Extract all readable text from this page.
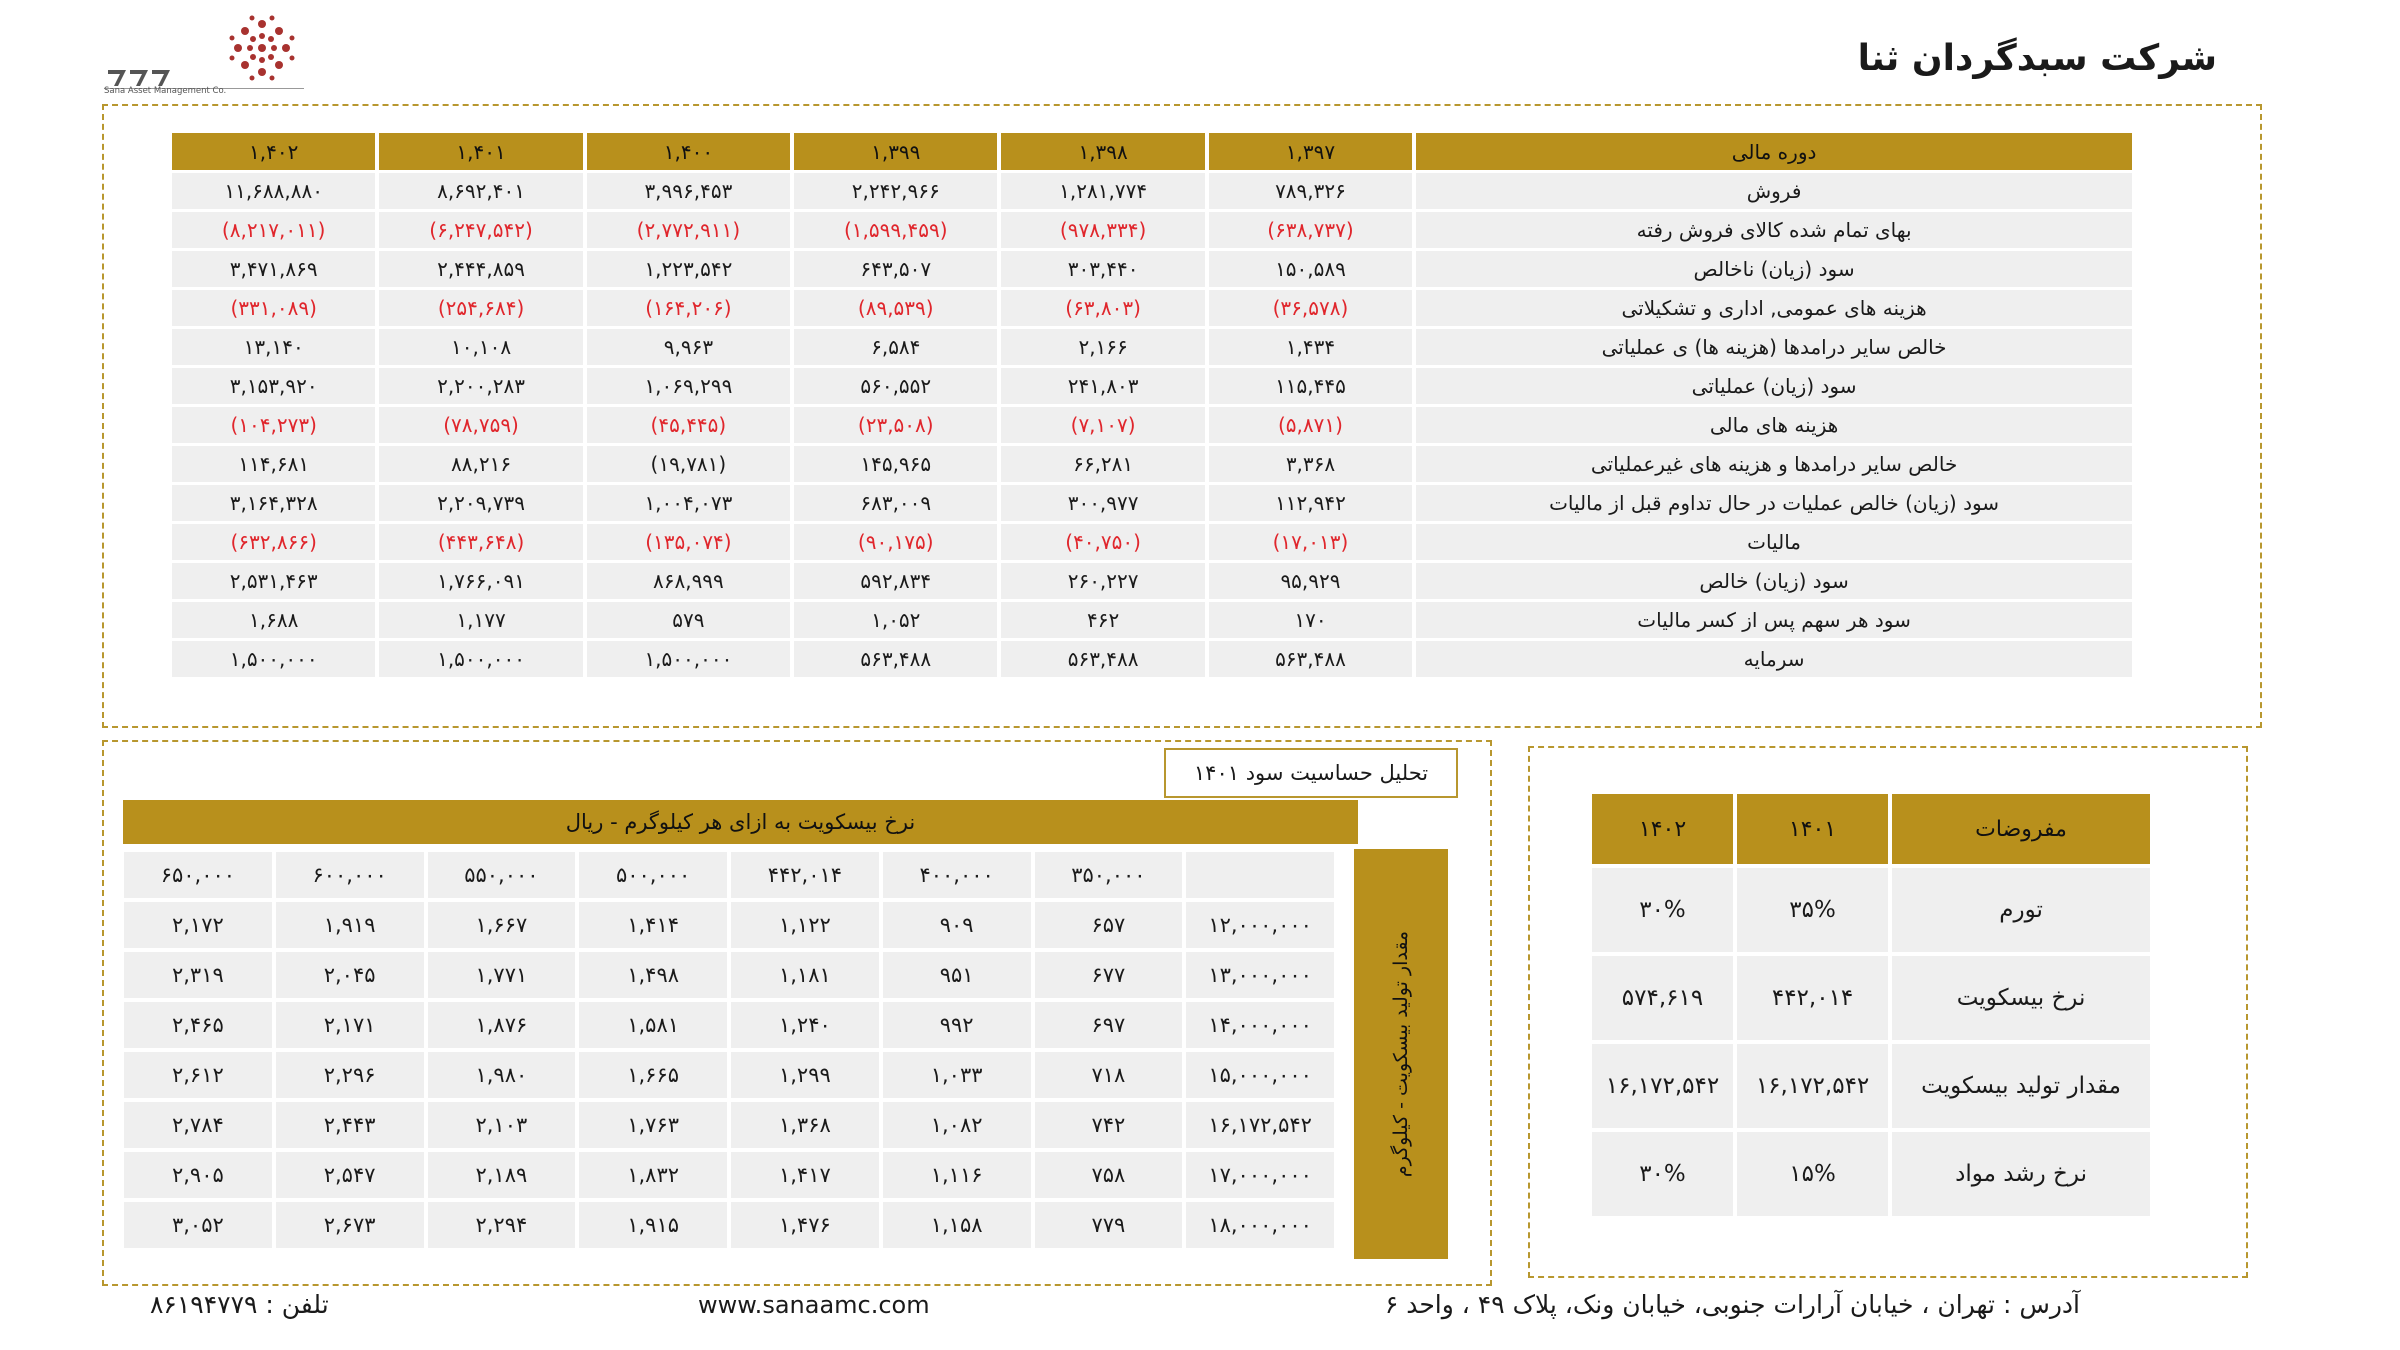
شرکت سبدگردان ثنا
Sana Asset Management Co.
۱,۴۰۲	۱,۴۰۱	۱,۴۰۰	۱,۳۹۹	۱,۳۹۸	۱,۳۹۷	دوره مالی
۱۱,۶۸۸,۸۸۰	۸,۶۹۲,۴۰۱	۳,۹۹۶,۴۵۳	۲,۲۴۲,۹۶۶	۱,۲۸۱,۷۷۴	۷۸۹,۳۲۶	فروش
(۸,۲۱۷,۰۱۱)	(۶,۲۴۷,۵۴۲)	(۲,۷۷۲,۹۱۱)	(۱,۵۹۹,۴۵۹)	(۹۷۸,۳۳۴)	(۶۳۸,۷۳۷)	بهای تمام شده کالای فروش رفته
۳,۴۷۱,۸۶۹	۲,۴۴۴,۸۵۹	۱,۲۲۳,۵۴۲	۶۴۳,۵۰۷	۳۰۳,۴۴۰	۱۵۰,۵۸۹	سود (زیان) ناخالص
(۳۳۱,۰۸۹)	(۲۵۴,۶۸۴)	(۱۶۴,۲۰۶)	(۸۹,۵۳۹)	(۶۳,۸۰۳)	(۳۶,۵۷۸)	هزینه های عمومی, اداری و تشکیلاتی
۱۳,۱۴۰	۱۰,۱۰۸	۹,۹۶۳	۶,۵۸۴	۲,۱۶۶	۱,۴۳۴	خالص سایر درامدها (هزینه ها) ی عملیاتی
۳,۱۵۳,۹۲۰	۲,۲۰۰,۲۸۳	۱,۰۶۹,۲۹۹	۵۶۰,۵۵۲	۲۴۱,۸۰۳	۱۱۵,۴۴۵	سود (زیان) عملیاتی
(۱۰۴,۲۷۳)	(۷۸,۷۵۹)	(۴۵,۴۴۵)	(۲۳,۵۰۸)	(۷,۱۰۷)	(۵,۸۷۱)	هزینه های مالی
۱۱۴,۶۸۱	۸۸,۲۱۶	(۱۹,۷۸۱)	۱۴۵,۹۶۵	۶۶,۲۸۱	۳,۳۶۸	خالص سایر درامدها و هزینه های غیرعملیاتی
۳,۱۶۴,۳۲۸	۲,۲۰۹,۷۳۹	۱,۰۰۴,۰۷۳	۶۸۳,۰۰۹	۳۰۰,۹۷۷	۱۱۲,۹۴۲	سود (زیان) خالص عملیات در حال تداوم قبل از مالیات
(۶۳۲,۸۶۶)	(۴۴۳,۶۴۸)	(۱۳۵,۰۷۴)	(۹۰,۱۷۵)	(۴۰,۷۵۰)	(۱۷,۰۱۳)	مالیات
۲,۵۳۱,۴۶۳	۱,۷۶۶,۰۹۱	۸۶۸,۹۹۹	۵۹۲,۸۳۴	۲۶۰,۲۲۷	۹۵,۹۲۹	سود (زیان) خالص
۱,۶۸۸	۱,۱۷۷	۵۷۹	۱,۰۵۲	۴۶۲	۱۷۰	سود هر سهم پس از کسر مالیات
۱,۵۰۰,۰۰۰	۱,۵۰۰,۰۰۰	۱,۵۰۰,۰۰۰	۵۶۳,۴۸۸	۵۶۳,۴۸۸	۵۶۳,۴۸۸	سرمایه
تحلیل حساسیت سود ۱۴۰۱
نرخ بیسکویت به ازای هر کیلوگرم - ریال
مقدار تولید بیسکویت - کیلوگرم
۶۵۰,۰۰۰	۶۰۰,۰۰۰	۵۵۰,۰۰۰	۵۰۰,۰۰۰	۴۴۲,۰۱۴	۴۰۰,۰۰۰	۳۵۰,۰۰۰	
۲,۱۷۲	۱,۹۱۹	۱,۶۶۷	۱,۴۱۴	۱,۱۲۲	۹۰۹	۶۵۷	۱۲,۰۰۰,۰۰۰
۲,۳۱۹	۲,۰۴۵	۱,۷۷۱	۱,۴۹۸	۱,۱۸۱	۹۵۱	۶۷۷	۱۳,۰۰۰,۰۰۰
۲,۴۶۵	۲,۱۷۱	۱,۸۷۶	۱,۵۸۱	۱,۲۴۰	۹۹۲	۶۹۷	۱۴,۰۰۰,۰۰۰
۲,۶۱۲	۲,۲۹۶	۱,۹۸۰	۱,۶۶۵	۱,۲۹۹	۱,۰۳۳	۷۱۸	۱۵,۰۰۰,۰۰۰
۲,۷۸۴	۲,۴۴۳	۲,۱۰۳	۱,۷۶۳	۱,۳۶۸	۱,۰۸۲	۷۴۲	۱۶,۱۷۲,۵۴۲
۲,۹۰۵	۲,۵۴۷	۲,۱۸۹	۱,۸۳۲	۱,۴۱۷	۱,۱۱۶	۷۵۸	۱۷,۰۰۰,۰۰۰
۳,۰۵۲	۲,۶۷۳	۲,۲۹۴	۱,۹۱۵	۱,۴۷۶	۱,۱۵۸	۷۷۹	۱۸,۰۰۰,۰۰۰
۱۴۰۲	۱۴۰۱	مفروضات
۳۰%	۳۵%	تورم
۵۷۴,۶۱۹	۴۴۲,۰۱۴	نرخ بیسکویت
۱۶,۱۷۲,۵۴۲	۱۶,۱۷۲,۵۴۲	مقدار تولید بیسکویت
۳۰%	۱۵%	نرخ رشد مواد
آدرس : تهران ، خیابان آرارات جنوبی، خیابان ونک، پلاک ۴۹ ، واحد ۶
www.sanaamc.com
تلفن : ۸۶۱۹۴۷۷۹
